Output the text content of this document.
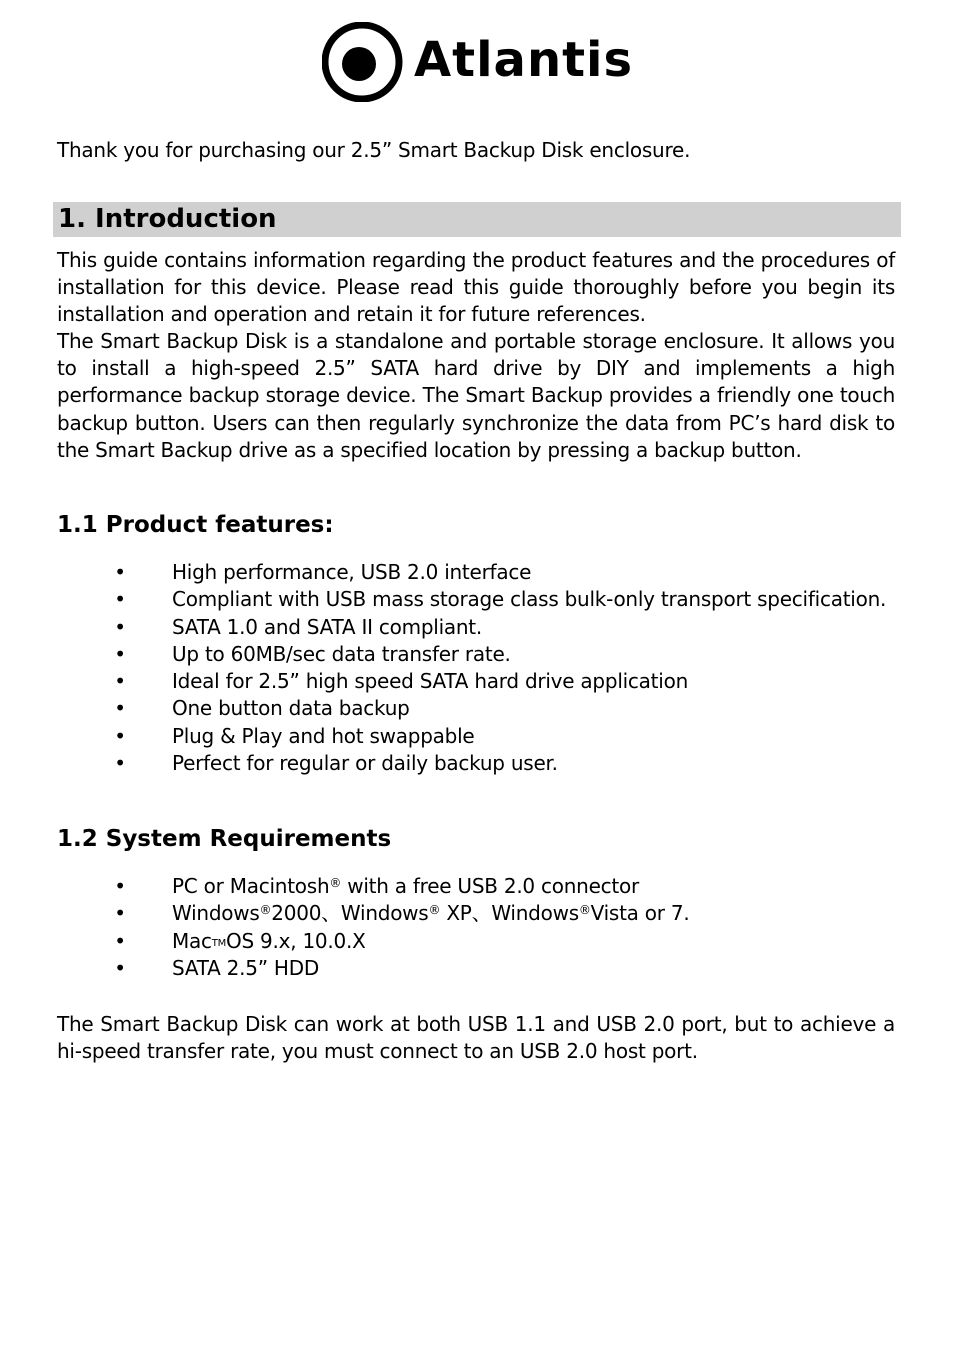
Atlantis

Thank you for purchasing our 2.5” Smart Backup Disk enclosure.

1. Introduction

This guide contains information regarding the product features and the procedures of installation for this device. Please read this guide thoroughly before you begin its installation and operation and retain it for future references.

The Smart Backup Disk is a standalone and portable storage enclosure. It allows you to install a high-speed 2.5” SATA hard drive by DIY and implements a high performance backup storage device. The Smart Backup provides a friendly one touch backup button. Users can then regularly synchronize the data from PC’s hard disk to the Smart Backup drive as a specified location by pressing a backup button.

1.1 Product features:
• High performance, USB 2.0 interface
• Compliant with USB mass storage class bulk-only transport specification.
• SATA 1.0 and SATA II compliant.
• Up to 60MB/sec data transfer rate.
• Ideal for 2.5” high speed SATA hard drive application
• One button data backup
• Plug & Play and hot swappable
• Perfect for regular or daily backup user.
1.2 System Requirements
• PC or Macintosh® with a free USB 2.0 connector
• Windows®2000、Windows® XP、Windows®Vista or 7.
• MacTMOS 9.x, 10.0.X
• SATA 2.5” HDD

The Smart Backup Disk can work at both USB 1.1 and USB 2.0 port, but to achieve a hi-speed transfer rate, you must connect to an USB 2.0 host port.
